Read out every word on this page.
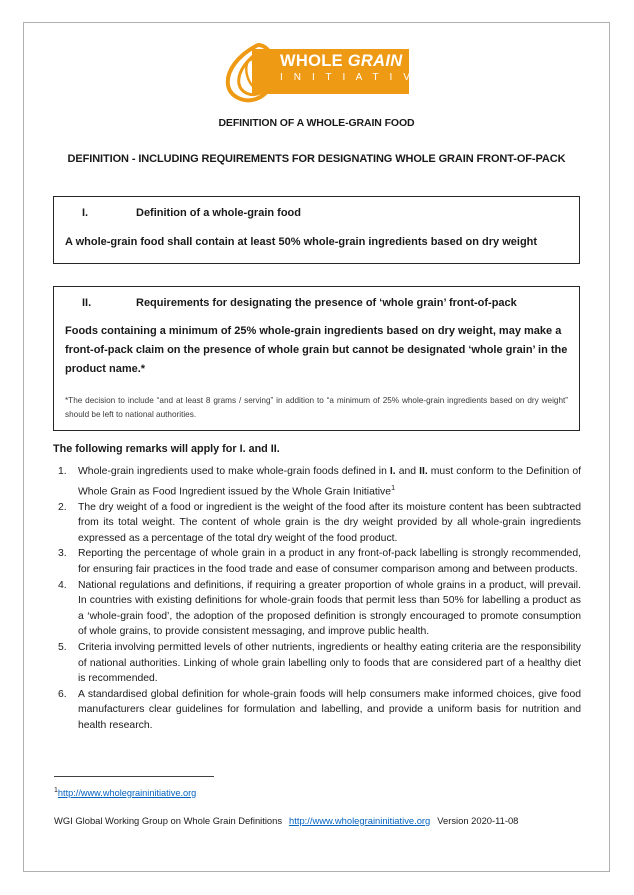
WHOLE GRAIN
I N I T I A T I V E
DEFINITION OF A WHOLE-GRAIN FOOD
DEFINITION - INCLUDING REQUIREMENTS FOR DESIGNATING WHOLE GRAIN FRONT-OF-PACK
I.	Definition of a whole-grain food
A whole-grain food shall contain at least 50% whole-grain ingredients based on dry weight
II.	Requirements for designating the presence of ‘whole grain’ front-of-pack
Foods containing a minimum of 25% whole-grain ingredients based on dry weight, may make a front-of-pack claim on the presence of whole grain but cannot be designated ‘whole grain’ in the product name.*
*The decision to include “and at least 8 grams / serving” in addition to “a minimum of 25% whole-grain ingredients based on dry weight” should be left to national authorities.
The following remarks will apply for I. and II.
Whole-grain ingredients used to make whole-grain foods defined in I. and II. must conform to the Definition of Whole Grain as Food Ingredient issued by the Whole Grain Initiative$^1$
The dry weight of a food or ingredient is the weight of the food after its moisture content has been subtracted from its total weight. The content of whole grain is the dry weight provided by all whole-grain ingredients expressed as a percentage of the total dry weight of the food product.
Reporting the percentage of whole grain in a product in any front-of-pack labelling is strongly recommended, for ensuring fair practices in the food trade and ease of consumer comparison among and between products.
National regulations and definitions, if requiring a greater proportion of whole grains in a product, will prevail. In countries with existing definitions for whole-grain foods that permit less than 50% for labelling a product as a ‘whole-grain food’, the adoption of the proposed definition is strongly encouraged to promote consumption of whole grains, to provide consistent messaging, and improve public health.
Criteria involving permitted levels of other nutrients, ingredients or healthy eating criteria are the responsibility of national authorities. Linking of whole grain labelling only to foods that are considered part of a healthy diet is recommended.
A standardised global definition for whole-grain foods will help consumers make informed choices, give food manufacturers clear guidelines for formulation and labelling, and provide a uniform basis for nutrition and health research.
$^1$http://www.wholegraininitiative.org
WGI Global Working Group on Whole Grain Definitions http://www.wholegraininitiative.org Version 2020-11-08
